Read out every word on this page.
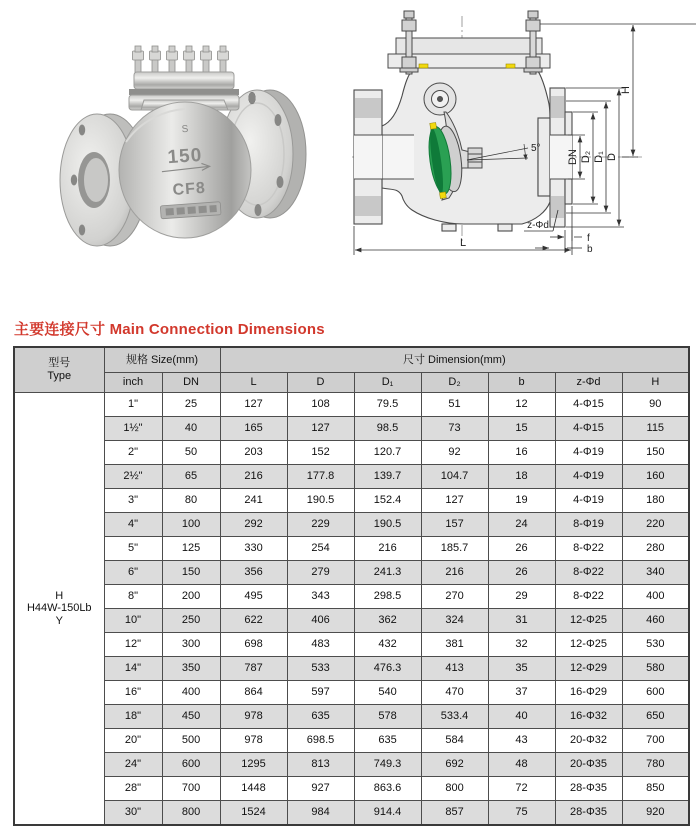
S
150
CF8
5°
DN D₂ D₁ D
H
L
z-Φd
f
b
主要连接尺寸 Main Connection Dimensions
型号
Type	规格 Size(mm)		尺寸 Dimension(mm)						
	inch	DN	L	D	D₁	D₂	b	z-Φd	H

H
H44W-150Lb
Y	1"	25	127	108	79.5	51	12	4-Φ15	90
	1½"	40	165	127	98.5	73	15	4-Φ15	115
	2"	50	203	152	120.7	92	16	4-Φ19	150
	2½"	65	216	177.8	139.7	104.7	18	4-Φ19	160
	3"	80	241	190.5	152.4	127	19	4-Φ19	180
	4"	100	292	229	190.5	157	24	8-Φ19	220
	5"	125	330	254	216	185.7	26	8-Φ22	280
	6"	150	356	279	241.3	216	26	8-Φ22	340
	8"	200	495	343	298.5	270	29	8-Φ22	400
	10"	250	622	406	362	324	31	12-Φ25	460
	12"	300	698	483	432	381	32	12-Φ25	530
	14"	350	787	533	476.3	413	35	12-Φ29	580
	16"	400	864	597	540	470	37	16-Φ29	600
	18"	450	978	635	578	533.4	40	16-Φ32	650
	20"	500	978	698.5	635	584	43	20-Φ32	700
	24"	600	1295	813	749.3	692	48	20-Φ35	780
	28"	700	1448	927	863.6	800	72	28-Φ35	850
	30"	800	1524	984	914.4	857	75	28-Φ35	920
